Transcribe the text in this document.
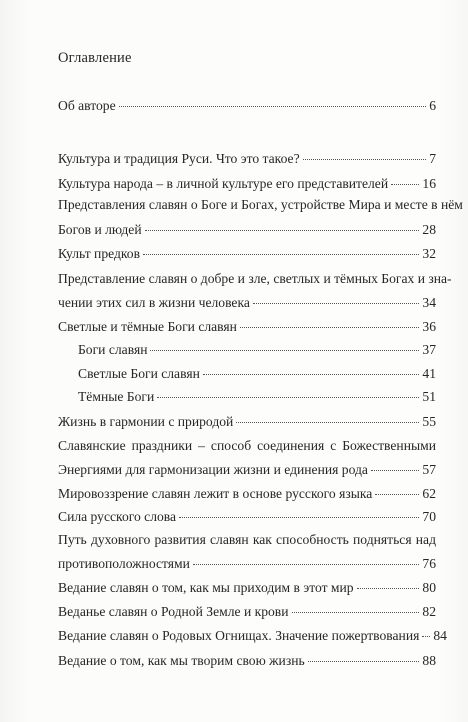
Оглавление
Об авторе	6
Культура и традиция Руси. Что это такое?	7
Культура народа – в личной культуре его представителей	16
Представления славян о Боге и Богах, устройстве Мира и месте в нём
Богов и людей	28
Культ предков	32
Представление славян о добре и зле, светлых и тёмных Богах и зна-
чении этих сил в жизни человека	34
Светлые и тёмные Боги славян	36
Боги славян	37
Светлые Боги славян	41
Тёмные Боги	51
Жизнь в гармонии с природой	55
Славянские праздники – способ соединения с Божественными
Энергиями для гармонизации жизни и единения рода	57
Мировоззрение славян лежит в основе русского языка	62
Сила русского слова	70
Путь духовного развития славян как способность подняться над
противоположностями	76
Ведание славян о том, как мы приходим в этот мир	80
Веданье славян о Родной Земле и крови	82
Ведание славян о Родовых Огнищах. Значение пожертвования 84
Ведание о том, как мы творим свою жизнь	88
